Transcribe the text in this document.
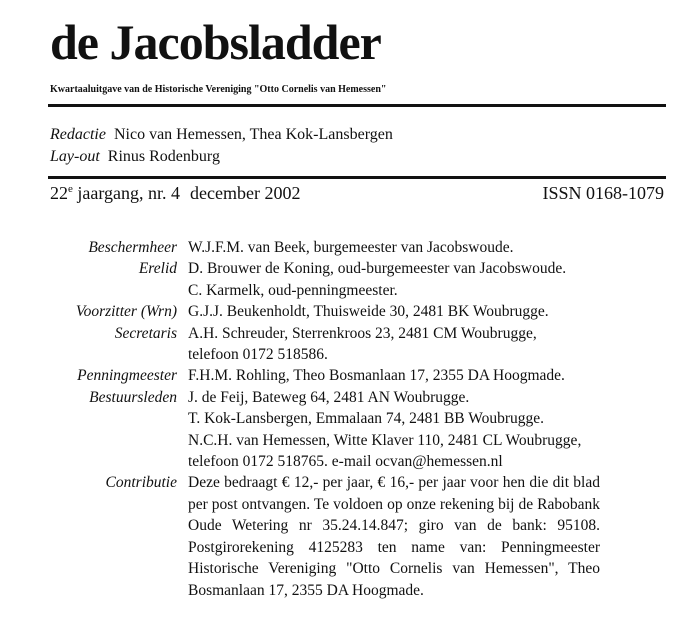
de Jacobsladder
Kwartaaluitgave van de Historische Vereniging "Otto Cornelis van Hemessen"
Redactie Nico van Hemessen, Thea Kok-Lansbergen
Lay-out Rinus Rodenburg
22e jaargang, nr. 4 december 2002	ISSN 0168-1079
Beschermheer W.J.F.M. van Beek, burgemeester van Jacobswoude.
Erelid D. Brouwer de Koning, oud-burgemeester van Jacobswoude.
C. Karmelk, oud-penningmeester.
Voorzitter (Wrn) G.J.J. Beukenholdt, Thuisweide 30, 2481 BK Woubrugge.
Secretaris A.H. Schreuder, Sterrenkroos 23, 2481 CM Woubrugge,
telefoon 0172 518586.
Penningmeester F.H.M. Rohling, Theo Bosmanlaan 17, 2355 DA Hoogmade.
Bestuursleden J. de Feij, Bateweg 64, 2481 AN Woubrugge.
T. Kok-Lansbergen, Emmalaan 74, 2481 BB Woubrugge.
N.C.H. van Hemessen, Witte Klaver 110, 2481 CL Woubrugge,
telefoon 0172 518765. e-mail ocvan@hemessen.nl
Contributie Deze bedraagt € 12,- per jaar, € 16,- per jaar voor hen die dit blad per post ontvangen. Te voldoen op onze rekening bij de Rabobank Oude Wetering nr 35.24.14.847; giro van de bank: 95108. Postgirorekening 4125283 ten name van: Penningmeester Historische Vereniging "Otto Cornelis van Hemessen", Theo Bosmanlaan 17, 2355 DA Hoogmade.
